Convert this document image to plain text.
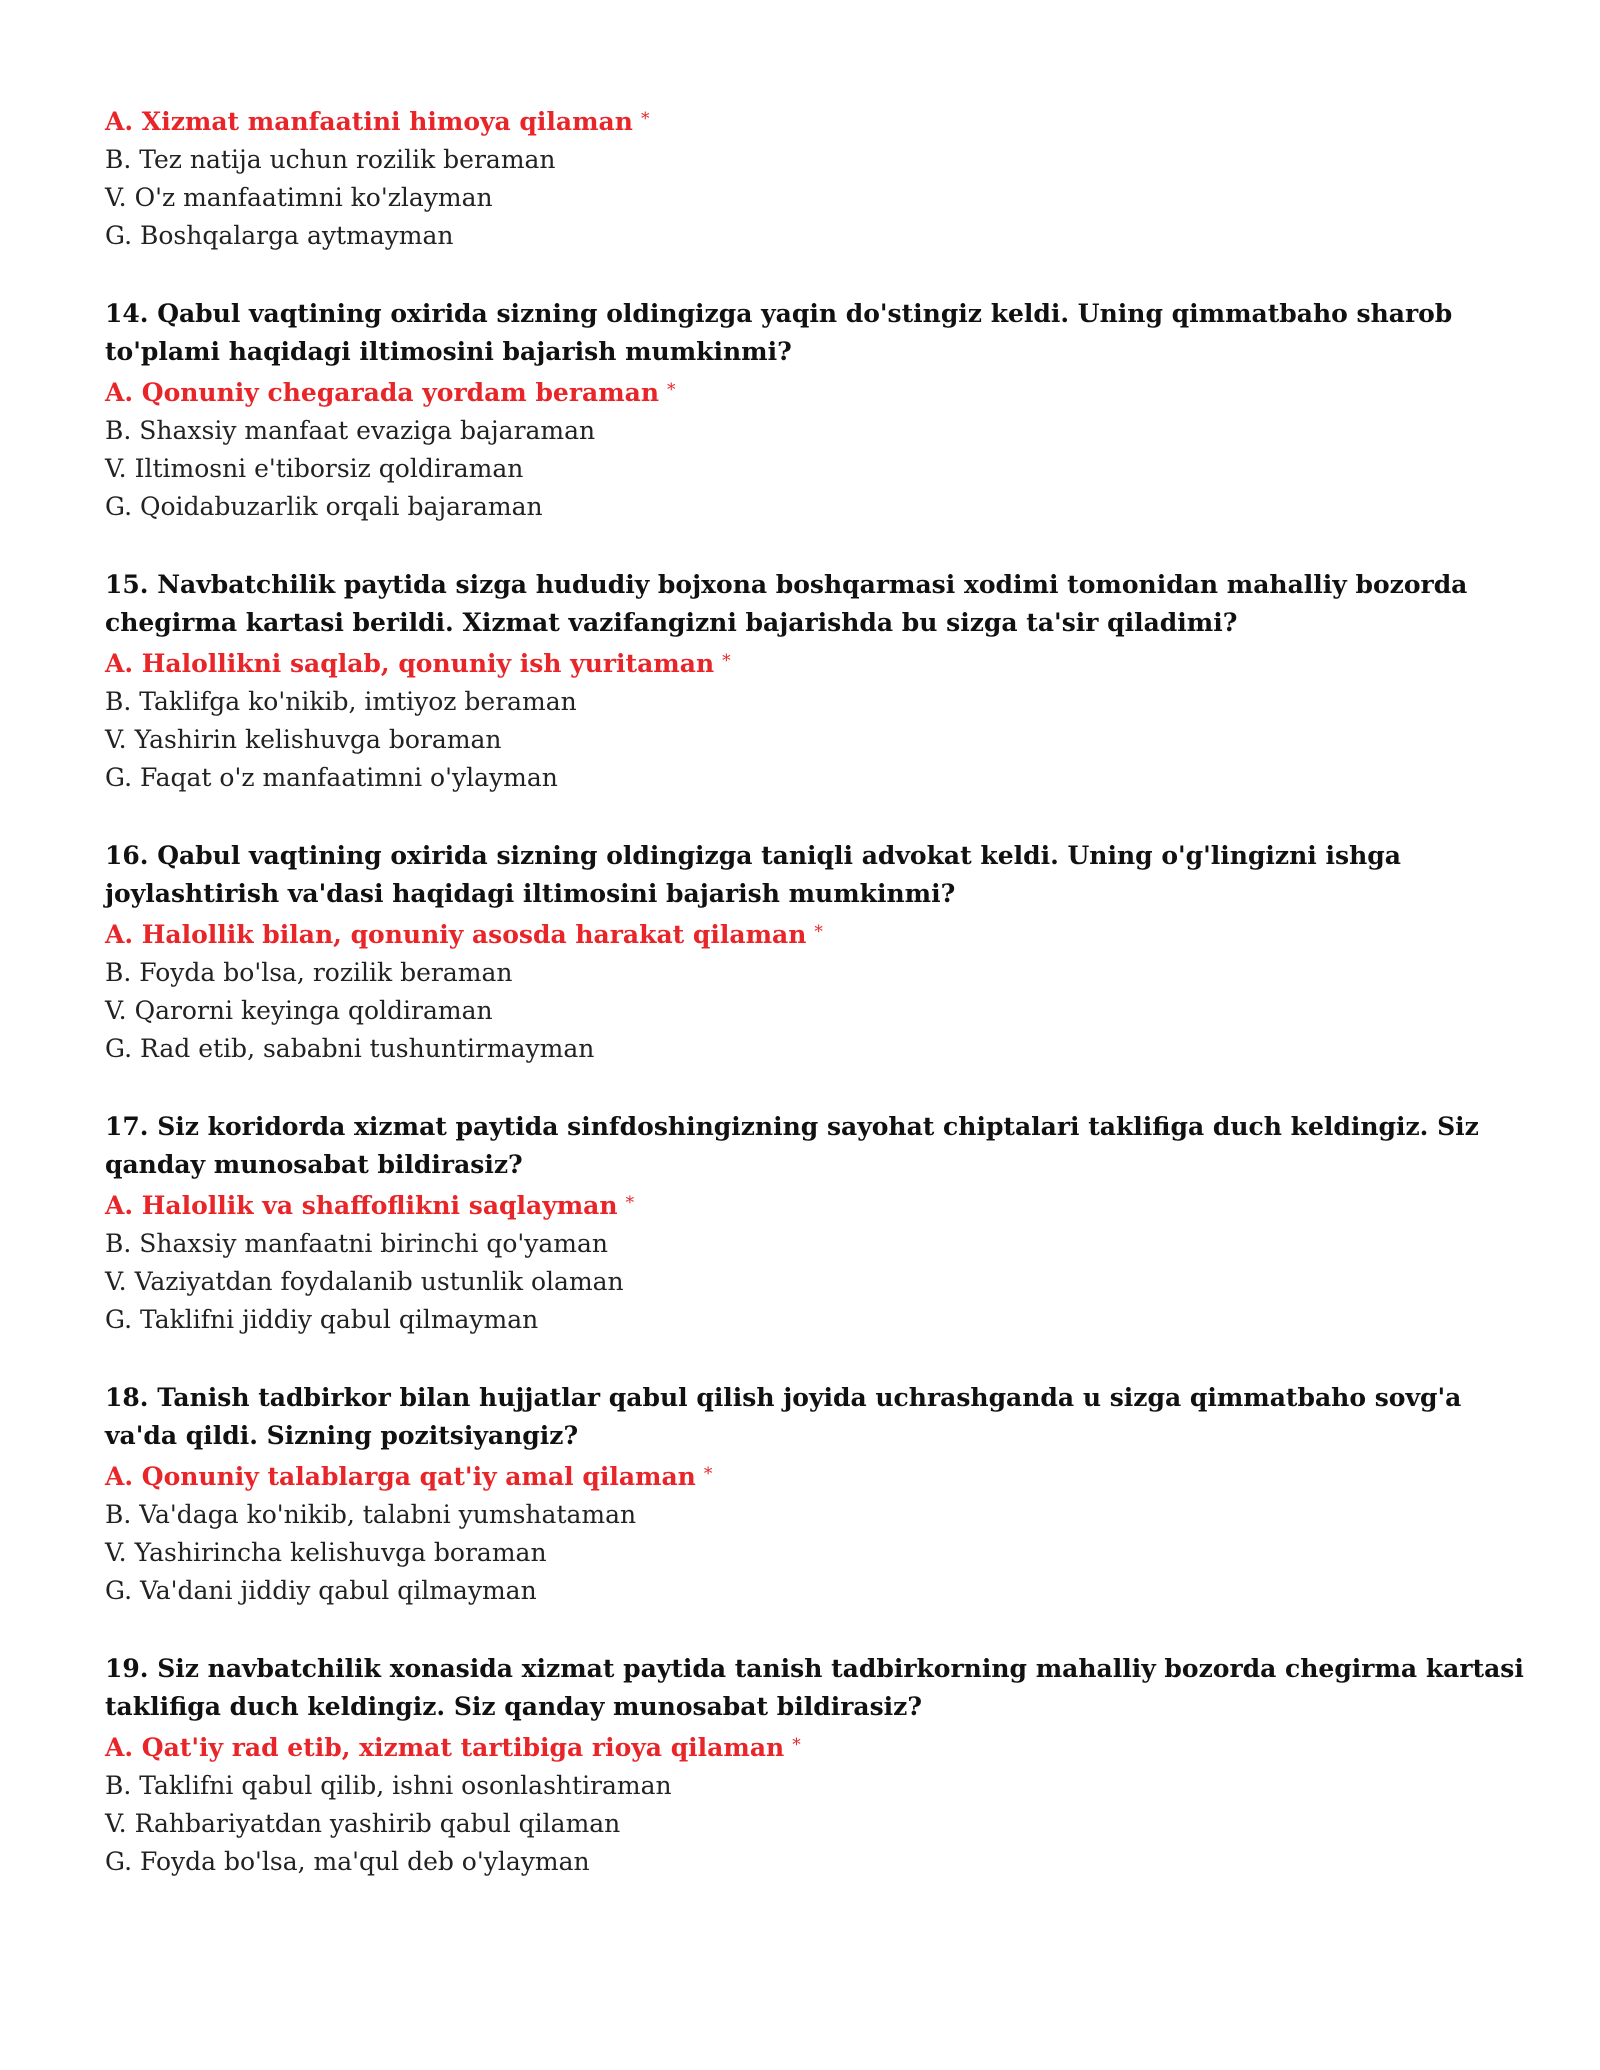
A. Xizmat manfaatini himoya qilaman *
B. Tez natija uchun rozilik beraman
V. O'z manfaatimni ko'zlayman
G. Boshqalarga aytmayman
14. Qabul vaqtining oxirida sizning oldingizga yaqin do'stingiz keldi. Uning qimmatbaho sharob to'plami haqidagi iltimosini bajarish mumkinmi?
A. Qonuniy chegarada yordam beraman *
B. Shaxsiy manfaat evaziga bajaraman
V. Iltimosni e'tiborsiz qoldiraman
G. Qoidabuzarlik orqali bajaraman
15. Navbatchilik paytida sizga hududiy bojxona boshqarmasi xodimi tomonidan mahalliy bozorda chegirma kartasi berildi. Xizmat vazifangizni bajarishda bu sizga ta'sir qiladimi?
A. Halollikni saqlab, qonuniy ish yuritaman *
B. Taklifga ko'nikib, imtiyoz beraman
V. Yashirin kelishuvga boraman
G. Faqat o'z manfaatimni o'ylayman
16. Qabul vaqtining oxirida sizning oldingizga taniqli advokat keldi. Uning o'g'lingizni ishga joylashtirish va'dasi haqidagi iltimosini bajarish mumkinmi?
A. Halollik bilan, qonuniy asosda harakat qilaman *
B. Foyda bo'lsa, rozilik beraman
V. Qarorni keyinga qoldiraman
G. Rad etib, sababni tushuntirmayman
17. Siz koridorda xizmat paytida sinfdoshingizning sayohat chiptalari taklifiga duch keldingiz. Siz qanday munosabat bildirasiz?
A. Halollik va shaffoflikni saqlayman *
B. Shaxsiy manfaatni birinchi qo'yaman
V. Vaziyatdan foydalanib ustunlik olaman
G. Taklifni jiddiy qabul qilmayman
18. Tanish tadbirkor bilan hujjatlar qabul qilish joyida uchrashganda u sizga qimmatbaho sovg'a va'da qildi. Sizning pozitsiyangiz?
A. Qonuniy talablarga qat'iy amal qilaman *
B. Va'daga ko'nikib, talabni yumshataman
V. Yashirincha kelishuvga boraman
G. Va'dani jiddiy qabul qilmayman
19. Siz navbatchilik xonasida xizmat paytida tanish tadbirkorning mahalliy bozorda chegirma kartasi taklifiga duch keldingiz. Siz qanday munosabat bildirasiz?
A. Qat'iy rad etib, xizmat tartibiga rioya qilaman *
B. Taklifni qabul qilib, ishni osonlashtiraman
V. Rahbariyatdan yashirib qabul qilaman
G. Foyda bo'lsa, ma'qul deb o'ylayman
